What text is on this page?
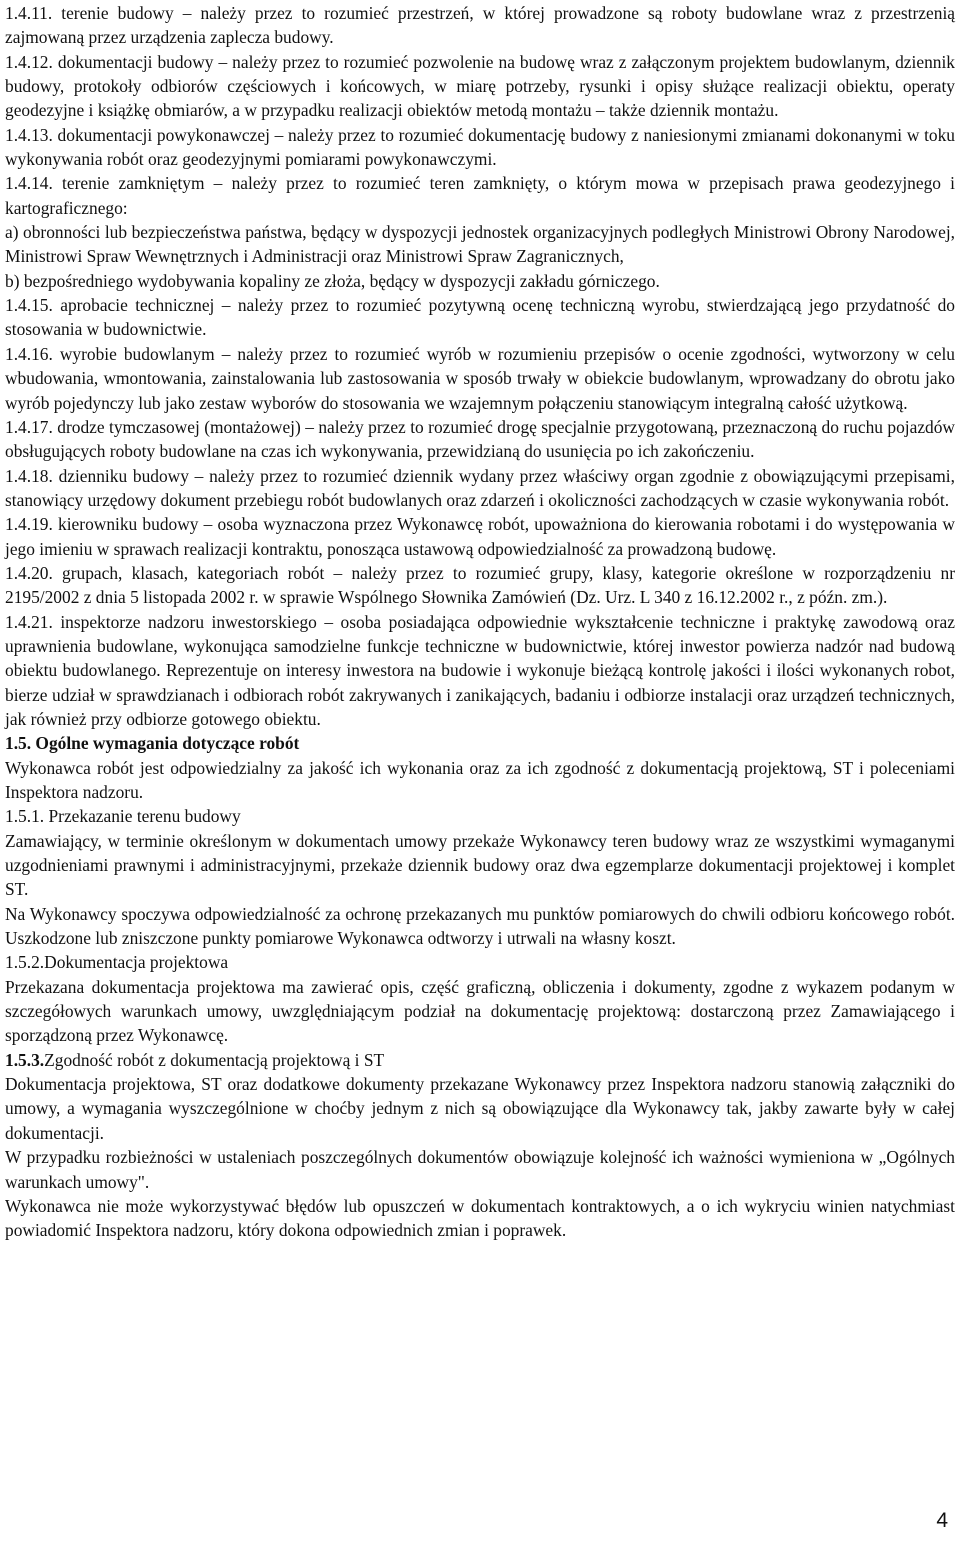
1.4.11. terenie budowy – należy przez to rozumieć przestrzeń, w której prowadzone są roboty budowlane wraz z przestrzenią zajmowaną przez urządzenia zaplecza budowy.

1.4.12. dokumentacji budowy – należy przez to rozumieć pozwolenie na budowę wraz z załączonym projektem budowlanym, dziennik budowy, protokoły odbiorów częściowych i końcowych, w miarę potrzeby, rysunki i opisy służące realizacji obiektu, operaty geodezyjne i książkę obmiarów, a w przypadku realizacji obiektów metodą montażu – także dziennik montażu.

1.4.13. dokumentacji powykonawczej – należy przez to rozumieć dokumentację budowy z naniesionymi zmianami dokonanymi w toku wykonywania robót oraz geodezyjnymi pomiarami powykonawczymi.

1.4.14. terenie zamkniętym – należy przez to rozumieć teren zamknięty, o którym mowa w przepisach prawa geodezyjnego i kartograficznego:

a) obronności lub bezpieczeństwa państwa, będący w dyspozycji jednostek organizacyjnych podległych Ministrowi Obrony Narodowej, Ministrowi Spraw Wewnętrznych i Administracji oraz Ministrowi Spraw Zagranicznych,

b) bezpośredniego wydobywania kopaliny ze złoża, będący w dyspozycji zakładu górniczego.

1.4.15. aprobacie technicznej – należy przez to rozumieć pozytywną ocenę techniczną wyrobu, stwierdzającą jego przydatność do stosowania w budownictwie.

1.4.16. wyrobie budowlanym – należy przez to rozumieć wyrób w rozumieniu przepisów o ocenie zgodności, wytworzony w celu wbudowania, wmontowania, zainstalowania lub zastosowania w sposób trwały w obiekcie budowlanym, wprowadzany do obrotu jako wyrób pojedynczy lub jako zestaw wyborów do stosowania we wzajemnym połączeniu stanowiącym integralną całość użytkową.

1.4.17. drodze tymczasowej (montażowej) – należy przez to rozumieć drogę specjalnie przygotowaną, przeznaczoną do ruchu pojazdów obsługujących roboty budowlane na czas ich wykonywania, przewidzianą do usunięcia po ich zakończeniu.

1.4.18. dzienniku budowy – należy przez to rozumieć dziennik wydany przez właściwy organ zgodnie z obowiązującymi przepisami, stanowiący urzędowy dokument przebiegu robót budowlanych oraz zdarzeń i okoliczności zachodzących w czasie wykonywania robót.

1.4.19. kierowniku budowy – osoba wyznaczona przez Wykonawcę robót, upoważniona do kierowania robotami i do występowania w jego imieniu w sprawach realizacji kontraktu, ponosząca ustawową odpowiedzialność za prowadzoną budowę.

1.4.20. grupach, klasach, kategoriach robót – należy przez to rozumieć grupy, klasy, kategorie określone w rozporządzeniu nr 2195/2002 z dnia 5 listopada 2002 r. w sprawie Wspólnego Słownika Zamówień (Dz. Urz. L 340 z 16.12.2002 r., z późn. zm.).

1.4.21. inspektorze nadzoru inwestorskiego – osoba posiadająca odpowiednie wykształcenie techniczne i praktykę zawodową oraz uprawnienia budowlane, wykonująca samodzielne funkcje techniczne w budownictwie, której inwestor powierza nadzór nad budową obiektu budowlanego. Reprezentuje on interesy inwestora na budowie i wykonuje bieżącą kontrolę jakości i ilości wykonanych robot, bierze udział w sprawdzianach i odbiorach robót zakrywanych i zanikających, badaniu i odbiorze instalacji oraz urządzeń technicznych, jak również przy odbiorze gotowego obiektu.

1.5. Ogólne wymagania dotyczące robót

Wykonawca robót jest odpowiedzialny za jakość ich wykonania oraz za ich zgodność z dokumentacją projektową, ST i poleceniami Inspektora nadzoru.

1.5.1. Przekazanie terenu budowy

Zamawiający, w terminie określonym w dokumentach umowy przekaże Wykonawcy teren budowy wraz ze wszystkimi wymaganymi uzgodnieniami prawnymi i administracyjnymi, przekaże dziennik budowy oraz dwa egzemplarze dokumentacji projektowej i komplet ST.

Na Wykonawcy spoczywa odpowiedzialność za ochronę przekazanych mu punktów pomiarowych do chwili odbioru końcowego robót. Uszkodzone lub zniszczone punkty pomiarowe Wykonawca odtworzy i utrwali na własny koszt.

1.5.2.Dokumentacja projektowa

Przekazana dokumentacja projektowa ma zawierać opis, część graficzną, obliczenia i dokumenty, zgodne z wykazem podanym w szczegółowych warunkach umowy, uwzględniającym podział na dokumentację projektową: dostarczoną przez Zamawiającego i sporządzoną przez Wykonawcę.

1.5.3.Zgodność robót z dokumentacją projektową i ST

Dokumentacja projektowa, ST oraz dodatkowe dokumenty przekazane Wykonawcy przez Inspektora nadzoru stanowią załączniki do umowy, a wymagania wyszczególnione w choćby jednym z nich są obowiązujące dla Wykonawcy tak, jakby zawarte były w całej dokumentacji.

W przypadku rozbieżności w ustaleniach poszczególnych dokumentów obowiązuje kolejność ich ważności wymieniona w „Ogólnych warunkach umowy".

Wykonawca nie może wykorzystywać błędów lub opuszczeń w dokumentach kontraktowych, a o ich wykryciu winien natychmiast powiadomić Inspektora nadzoru, który dokona odpowiednich zmian i poprawek.

4
